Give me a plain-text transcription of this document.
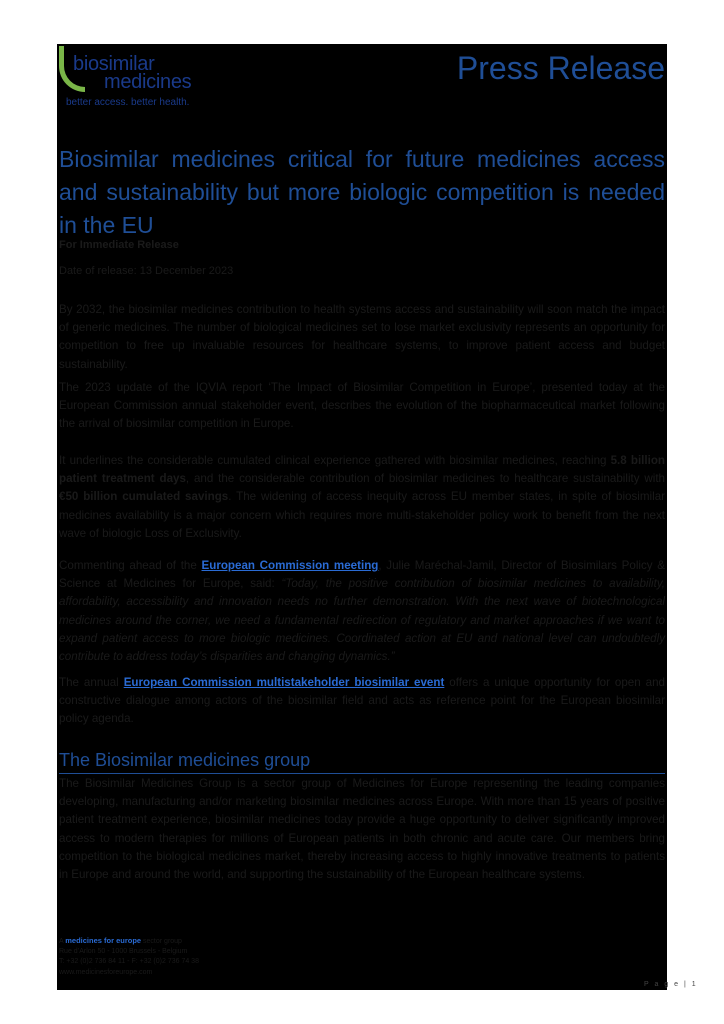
biosimilar
medicines
better access. better health.
Press Release
Biosimilar medicines critical for future medicines access and sustainability but more biologic competition is needed in the EU
For Immediate Release
Date of release: 13 December 2023

By 2032, the biosimilar medicines contribution to health systems access and sustainability will soon match the impact of generic medicines. The number of biological medicines set to lose market exclusivity represents an opportunity for competition to free up invaluable resources for healthcare systems, to improve patient access and budget sustainability.

The 2023 update of the IQVIA report ‘The Impact of Biosimilar Competition in Europe’, presented today at the European Commission annual stakeholder event, describes the evolution of the biopharmaceutical market following the arrival of biosimilar competition in Europe.

It underlines the considerable cumulated clinical experience gathered with biosimilar medicines, reaching 5.8 billion patient treatment days, and the considerable contribution of biosimilar medicines to healthcare sustainability with €50 billion cumulated savings. The widening of access inequity across EU member states, in spite of biosimilar medicines availability is a major concern which requires more multi-stakeholder policy work to benefit from the next wave of biologic Loss of Exclusivity.

Commenting ahead of the European Commission meeting, Julie Maréchal-Jamil, Director of Biosimilars Policy & Science at Medicines for Europe, said: “Today, the positive contribution of biosimilar medicines to availability, affordability, accessibility and innovation needs no further demonstration. With the next wave of biotechnological medicines around the corner, we need a fundamental redirection of regulatory and market approaches if we want to expand patient access to more biologic medicines. Coordinated action at EU and national level can undoubtedly contribute to address today’s disparities and changing dynamics.”

The annual European Commission multistakeholder biosimilar event offers a unique opportunity for open and constructive dialogue among actors of the biosimilar field and acts as reference point for the European biosimilar policy agenda.

The Biosimilar medicines group

The Biosimilar Medicines Group is a sector group of Medicines for Europe representing the leading companies developing, manufacturing and/or marketing biosimilar medicines across Europe. With more than 15 years of positive patient treatment experience, biosimilar medicines today provide a huge opportunity to deliver significantly improved access to modern therapies for millions of European patients in both chronic and acute care. Our members bring competition to the biological medicines market, thereby increasing access to highly innovative treatments to patients in Europe and around the world, and supporting the sustainability of the European healthcare systems.

A medicines for europe sector group
Rue d’Arlon 50 - 1000 Brussels - Belgium
T: +32 (0)2 736 84 11 - F: +32 (0)2 736 74 38
www.medicinesforeurope.com
P a g e | 1
